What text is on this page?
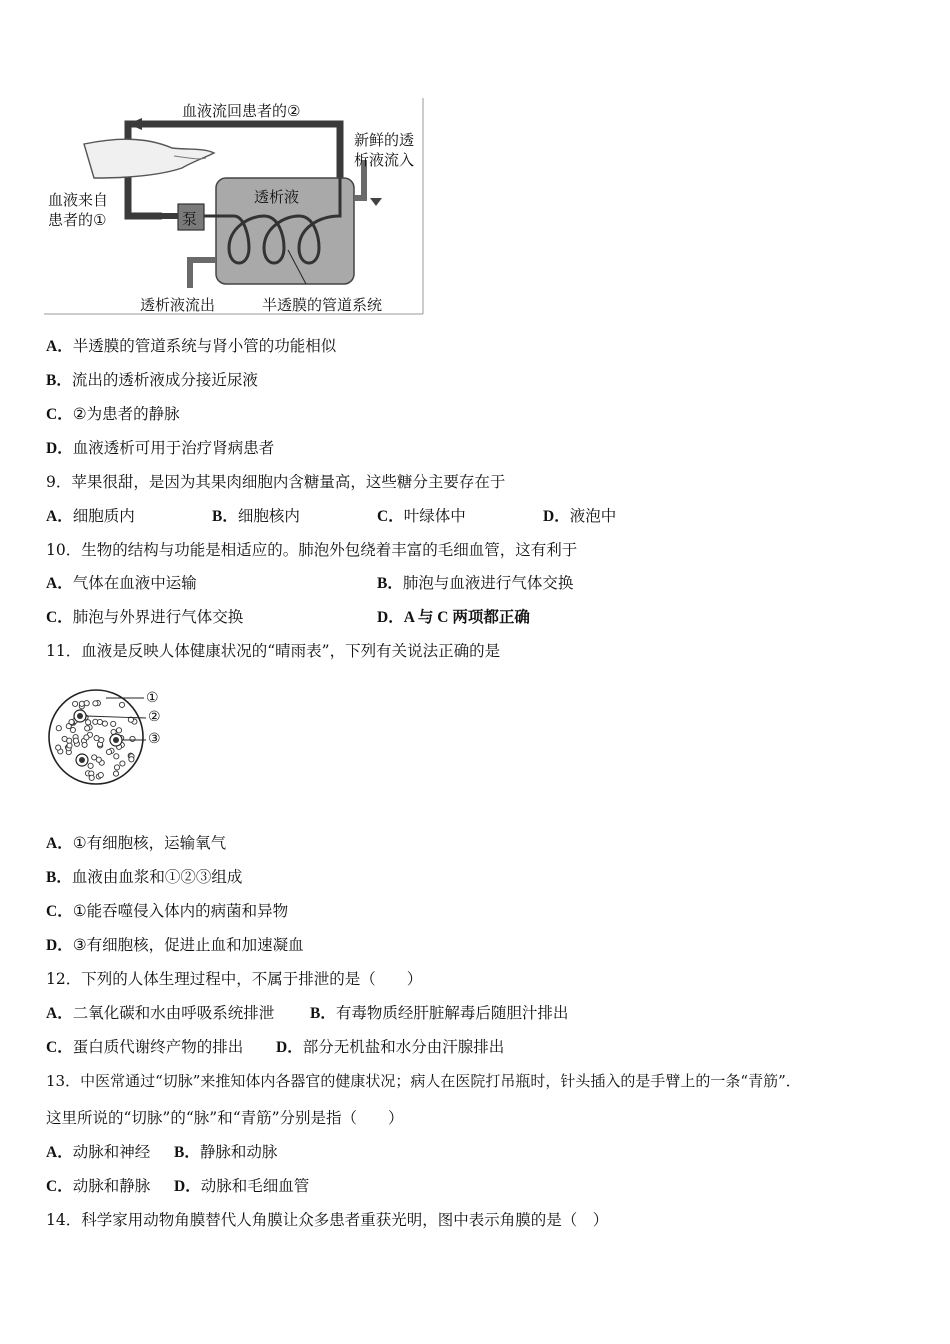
血液流回患者的②
新鲜的透
析液流入
血液来自
患者的①	泵
透析液
透析液流出	半透膜的管道系统
A．半透膜的管道系统与肾小管的功能相似
B．流出的透析液成分接近尿液
C．②为患者的静脉
D．血液透析可用于治疗肾病患者
9．苹果很甜，是因为其果肉细胞内含糖量高，这些糖分主要存在于
A．细胞质内	B．细胞核内	C．叶绿体中	D．液泡中
10．生物的结构与功能是相适应的。肺泡外包绕着丰富的毛细血管，这有利于
A．气体在血液中运输	B．肺泡与血液进行气体交换
C．肺泡与外界进行气体交换	D．A 与 C 两项都正确
11．血液是反映人体健康状况的“晴雨表”，下列有关说法正确的是
①
②
③
A．①有细胞核，运输氧气
B．血液由血浆和①②③组成
C．①能吞噬侵入体内的病菌和异物
D．③有细胞核，促进止血和加速凝血
12．下列的人体生理过程中，不属于排泄的是（　　）
A．二氧化碳和水由呼吸系统排泄 B．有毒物质经肝脏解毒后随胆汁排出
C．蛋白质代谢终产物的排出 D．部分无机盐和水分由汗腺排出
13．中医常通过“切脉”来推知体内各器官的健康状况；病人在医院打吊瓶时，针头插入的是手臂上的一条“青筋”．
这里所说的“切脉”的“脉”和“青筋”分别是指（　　）
A．动脉和神经 B．静脉和动脉
C．动脉和静脉 D．动脉和毛细血管
14．科学家用动物角膜替代人角膜让众多患者重获光明，图中表示角膜的是（　）
